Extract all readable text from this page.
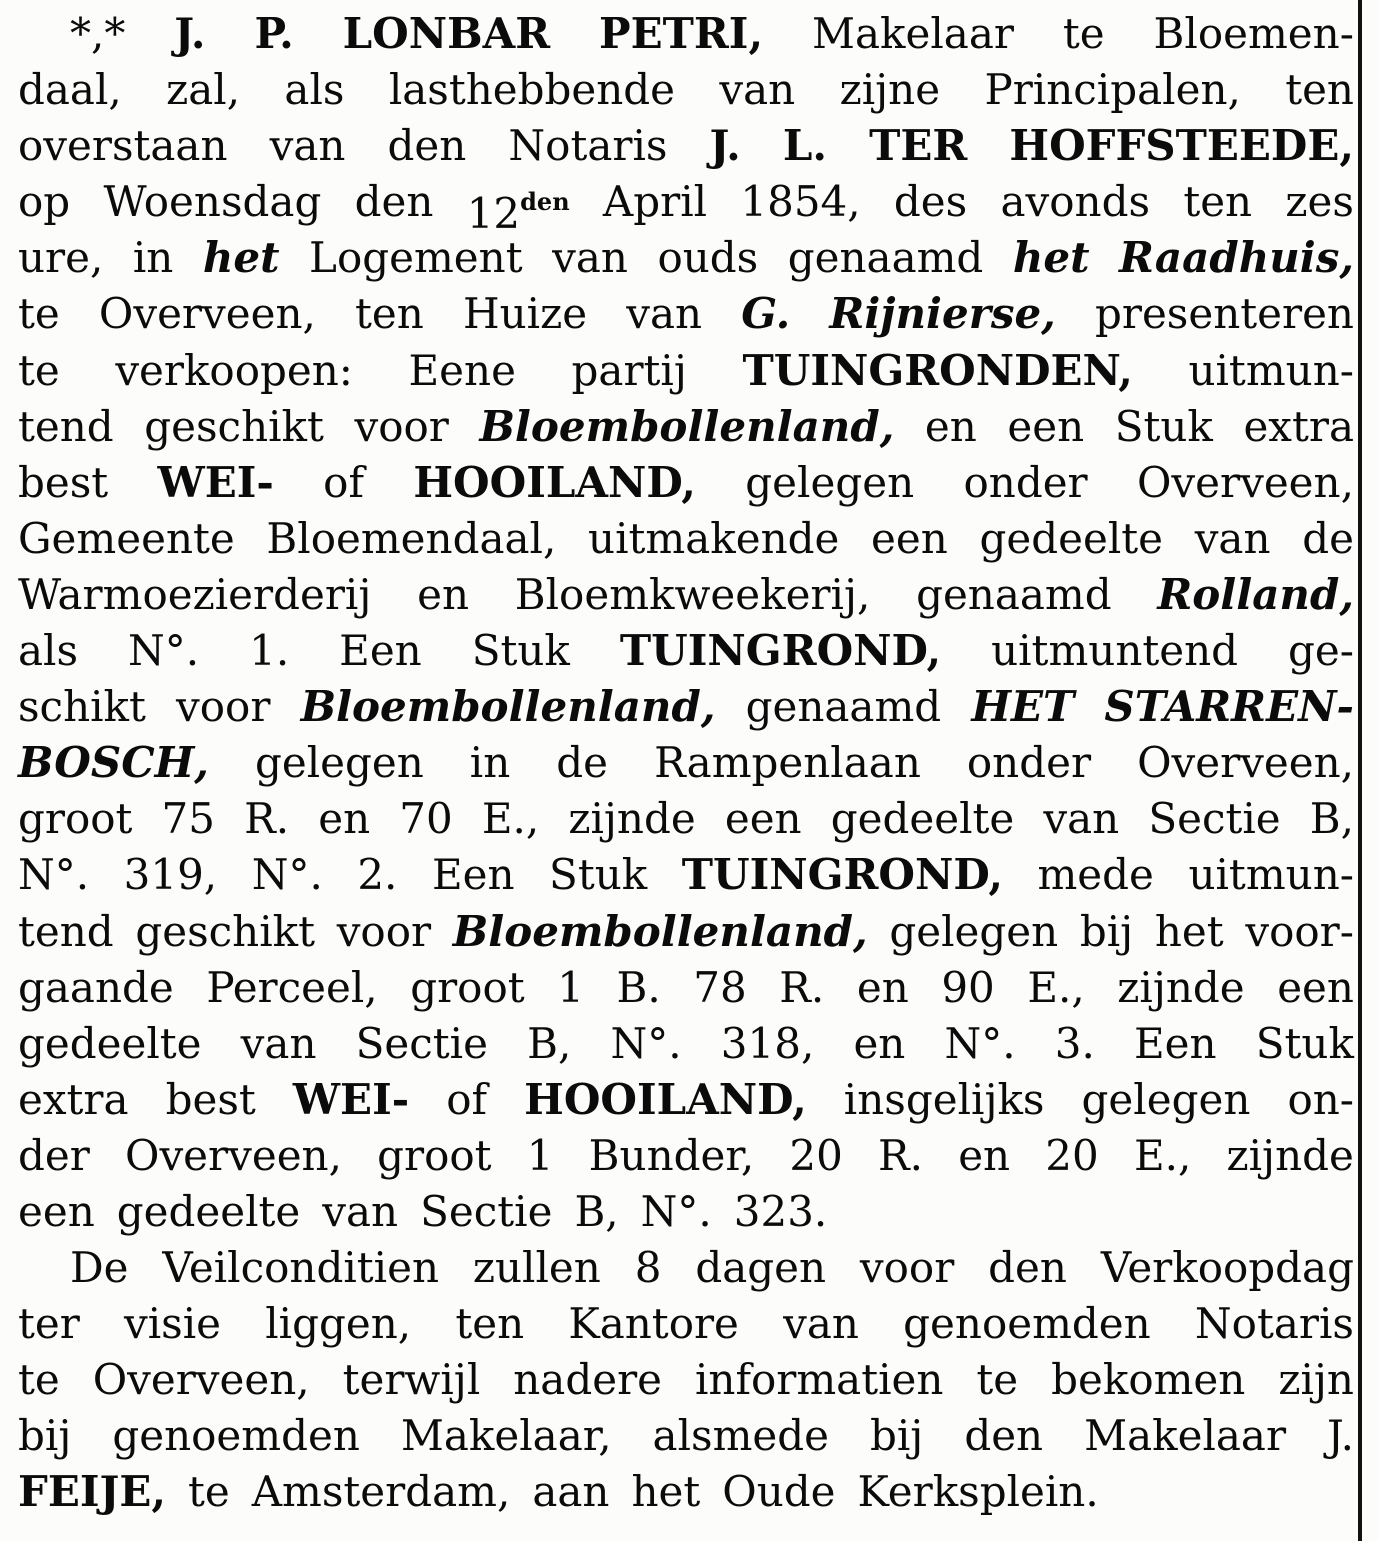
*,* J. P. LONBAR PETRI, Makelaar te Bloemen-
daal, zal, als lasthebbende van zijne Principalen, ten
overstaan van den Notaris J. L. TER HOFFSTEEDE,
op Woensdag den $12^{den}$ April 1854, des avonds ten zes
ure, in het Logement van ouds genaamd het Raadhuis,
te Overveen, ten Huize van G. Rijnierse, presenteren
te verkoopen: Eene partij TUINGRONDEN, uitmun-
tend geschikt voor Bloembollenland, en een Stuk extra
best WEI- of HOOILAND, gelegen onder Overveen,
Gemeente Bloemendaal, uitmakende een gedeelte van de
Warmoezierderij en Bloemkweekerij, genaamd Rolland,
als N°. 1. Een Stuk TUINGROND, uitmuntend ge-
schikt voor Bloembollenland, genaamd HET STARREN-
BOSCH, gelegen in de Rampenlaan onder Overveen,
groot 75 R. en 70 E., zijnde een gedeelte van Sectie B,
N°. 319, N°. 2. Een Stuk TUINGROND, mede uitmun-
tend geschikt voor Bloembollenland, gelegen bij het voor-
gaande Perceel, groot 1 B. 78 R. en 90 E., zijnde een
gedeelte van Sectie B, N°. 318, en N°. 3. Een Stuk
extra best WEI- of HOOILAND, insgelijks gelegen on-
der Overveen, groot 1 Bunder, 20 R. en 20 E., zijnde
een gedeelte van Sectie B, N°. 323.
De Veilconditien zullen 8 dagen voor den Verkoopdag
ter visie liggen, ten Kantore van genoemden Notaris
te Overveen, terwijl nadere informatien te bekomen zijn
bij genoemden Makelaar, alsmede bij den Makelaar J.
FEIJE, te Amsterdam, aan het Oude Kerksplein.
